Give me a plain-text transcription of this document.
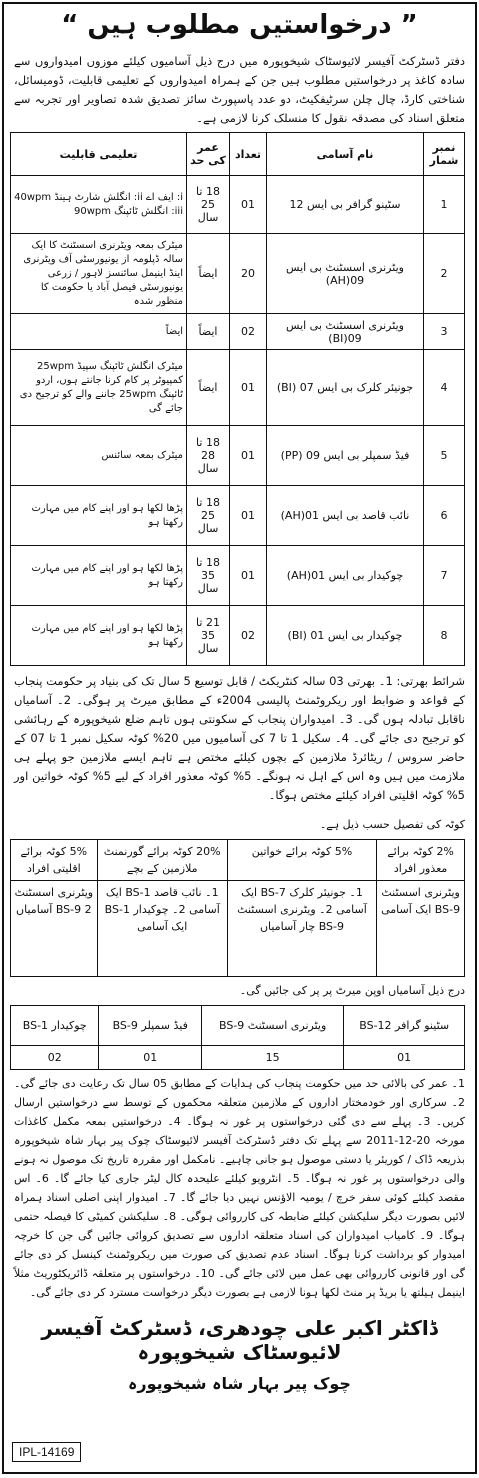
” درخواستیں مطلوب ہیں “
دفتر ڈسٹرکٹ آفیسر لائیوسٹاک شیخوپورہ میں درج ذیل آسامیوں کیلئے موزوں امیدواروں سے سادہ کاغذ پر درخواستیں مطلوب ہیں جن کے ہمراہ امیدواروں کے تعلیمی قابلیت، ڈومیسائل، شناختی کارڈ، چال چلن سرٹیفکیٹ، دو عدد پاسپورٹ سائز تصدیق شدہ تصاویر اور تجربہ سے متعلق اسناد کی مصدقہ نقول کا منسلک کرنا لازمی ہے۔
نمبر شمار	نام آسامی	تعداد	عمر کی حد	تعلیمی قابلیت
1	سٹینو گرافر بی ایس 12	01	18 تا 25 سال	i: ایف اے ii: انگلش شارٹ ہینڈ 40wpm iii: انگلش ٹائپنگ 90wpm
2	ویٹرنری اسسٹنٹ بی ایس 09(AH)	20	ایضاً	میٹرک بمعہ ویٹرنری اسسٹنٹ کا ایک سالہ ڈپلومہ از یونیورسٹی آف ویٹرنری اینڈ اینیمل سائنسز لاہور / زرعی یونیورسٹی فیصل آباد یا حکومت کا منظور شدہ
3	ویٹرنری اسسٹنٹ بی ایس 09(BI)	02	ایضاً	ایضاً
4	جونیئر کلرک بی ایس 07 (BI)	01	ایضاً	میٹرک انگلش ٹائپنگ سپیڈ 25wpm کمپیوٹر پر کام کرنا جانتے ہوں، اردو ٹائپنگ 25wpm جاننے والے کو ترجیح دی جائے گی
5	فیڈ سمپلر بی ایس 09 (PP)	01	18 تا 28 سال	میٹرک بمعہ سائنس
6	نائب قاصد بی ایس 01(AH)	01	18 تا 25 سال	پڑھا لکھا ہو اور اپنے کام میں مہارت رکھتا ہو
7	چوکیدار بی ایس 01(AH)	01	18 تا 35 سال	پڑھا لکھا ہو اور اپنے کام میں مہارت رکھتا ہو
8	چوکیدار بی ایس 01 (BI)	02	21 تا 35 سال	پڑھا لکھا ہو اور اپنے کام میں مہارت رکھتا ہو
شرائط بھرتی: 1۔ بھرتی 03 سالہ کنٹریکٹ / قابل توسیع 5 سال تک کی بنیاد پر حکومت پنجاب کے قواعد و ضوابط اور ریکروٹمنٹ پالیسی 2004ء کے مطابق میرٹ پر ہوگی۔ 2۔ آسامیاں ناقابل تبادلہ ہوں گی۔ 3۔ امیدواران پنجاب کے سکونتی ہوں تاہم ضلع شیخوپورہ کے رہائشی کو ترجیح دی جائے گی۔ 4۔ سکیل 1 تا 7 کی آسامیوں میں 20% کوٹہ سکیل نمبر 1 تا 07 کے حاضر سروس / ریٹائرڈ ملازمین کے بچوں کیلئے مختص ہے تاہم ایسے ملازمین جو پہلے ہی ملازمت میں ہیں وہ اس کے اہل نہ ہونگے۔ 5% کوٹہ معذور افراد کے لیے 5% کوٹہ خواتین اور 5% کوٹہ اقلیتی افراد کیلئے مختص ہوگا۔
کوٹہ کی تفصیل حسب ذیل ہے۔
2% کوٹہ برائے معذور افراد	5% کوٹہ برائے خواتین	20% کوٹہ برائے گورنمنٹ ملازمین کے بچے	5% کوٹہ برائے اقلیتی افراد
ویٹرنری اسسٹنٹ BS-9 ایک آسامی	1۔ جونیئر کلرک BS-7 ایک آسامی 2۔ ویٹرنری اسسٹنٹ BS-9 چار آسامیاں	1۔ نائب قاصد BS-1 ایک آسامی 2۔ چوکیدار BS-1 ایک آسامی	ویٹرنری اسسٹنٹ BS-9 2 آسامیاں
درج ذیل آسامیاں اوپن میرٹ پر پر کی جائیں گی۔
سٹینو گرافر BS-12	ویٹرنری اسسٹنٹ BS-9	فیڈ سمپلر BS-9	چوکیدار BS-1
01	15	01	02
1۔ عمر کی بالائی حد میں حکومت پنجاب کی ہدایات کے مطابق 05 سال تک رعایت دی جائے گی۔ 2۔ سرکاری اور خودمختار اداروں کے ملازمین متعلقہ محکموں کے توسط سے درخواستیں ارسال کریں۔ 3۔ پہلے سے دی گئی درخواستوں پر غور نہ ہوگا۔ 4۔ درخواستیں بمعہ مکمل کاغذات مورخہ 20-12-2011 سے پہلے تک دفتر ڈسٹرکٹ آفیسر لائیوسٹاک چوک پیر بہار شاہ شیخوپورہ بذریعہ ڈاک / کوریئر یا دستی موصول ہو جانی چاہیے۔ نامکمل اور مقررہ تاریخ تک موصول نہ ہونے والی درخواستوں پر غور نہ ہوگا۔ 5۔ انٹرویو کیلئے علیحدہ کال لیٹر جاری کیا جائے گا۔ 6۔ اس مقصد کیلئے کوئی سفر خرچ / یومیہ الاؤنس نہیں دیا جائے گا۔ 7۔ امیدوار اپنی اصلی اسناد ہمراہ لائیں بصورت دیگر سلیکشن کیلئے ضابطہ کی کارروائی ہوگی۔ 8۔ سلیکشن کمیٹی کا فیصلہ حتمی ہوگا۔ 9۔ کامیاب امیدواران کی اسناد متعلقہ اداروں سے تصدیق کروائی جائیں گی جن کا خرچہ امیدوار کو برداشت کرنا ہوگا۔ اسناد عدم تصدیق کی صورت میں ریکروٹمنٹ کینسل کر دی جائے گی اور قانونی کارروائی بھی عمل میں لائی جائے گی۔ 10۔ درخواستوں پر متعلقہ ڈائریکٹوریٹ مثلاً اینیمل ہیلتھ یا بریڈ پر منٹ لکھا ہونا لازمی ہے بصورت دیگر درخواست مسترد کر دی جائے گی۔
ڈاکٹر اکبر علی چودھری، ڈسٹرکٹ آفیسر لائیوسٹاک شیخوپورہ
چوک پیر بہار شاہ شیخوپورہ
IPL-14169
